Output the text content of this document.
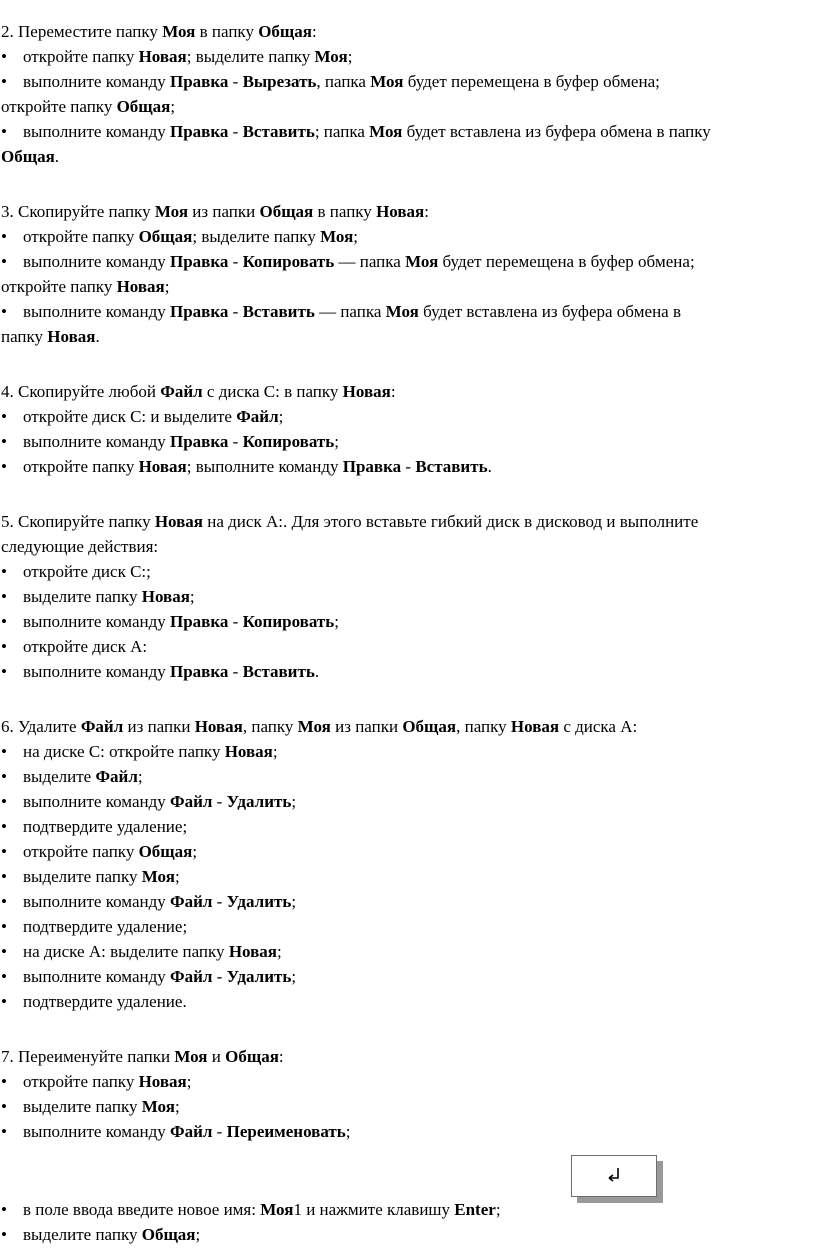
2. Переместите папку Моя в папку Общая:
• откройте папку Новая; выделите папку Моя;
• выполните команду Правка - Вырезать, папка Моя будет перемещена в буфер обмена;
откройте папку Общая;
• выполните команду Правка - Вставить; папка Моя будет вставлена из буфера обмена в папку
Общая.
3. Скопируйте папку Моя из папки Общая в папку Новая:
• откройте папку Общая; выделите папку Моя;
• выполните команду Правка - Копировать — папка Моя будет перемещена в буфер обмена;
откройте папку Новая;
• выполните команду Правка - Вставить — папка Моя будет вставлена из буфера обмена в
папку Новая.
4. Скопируйте любой Файл с диска С: в папку Новая:
• откройте диск С: и выделите Файл;
• выполните команду Правка - Копировать;
• откройте папку Новая; выполните команду Правка - Вставить.
5. Скопируйте папку Новая на диск А:. Для этого вставьте гибкий диск в дисковод и выполните
следующие действия:
• откройте диск С:;
• выделите папку Новая;
• выполните команду Правка - Копировать;
• откройте диск А:
• выполните команду Правка - Вставить.
6. Удалите Файл из папки Новая, папку Моя из папки Общая, папку Новая с диска А:
• на диске С: откройте папку Новая;
• выделите Файл;
• выполните команду Файл - Удалить;
• подтвердите удаление;
• откройте папку Общая;
• выделите папку Моя;
• выполните команду Файл - Удалить;
• подтвердите удаление;
• на диске А: выделите папку Новая;
• выполните команду Файл - Удалить;
• подтвердите удаление.
7. Переименуйте папки Моя и Общая:
• откройте папку Новая;
• выделите папку Моя;
• выполните команду Файл - Переименовать;
• в поле ввода введите новое имя: Моя1 и нажмите клавишу Enter;
• выделите папку Общая;
